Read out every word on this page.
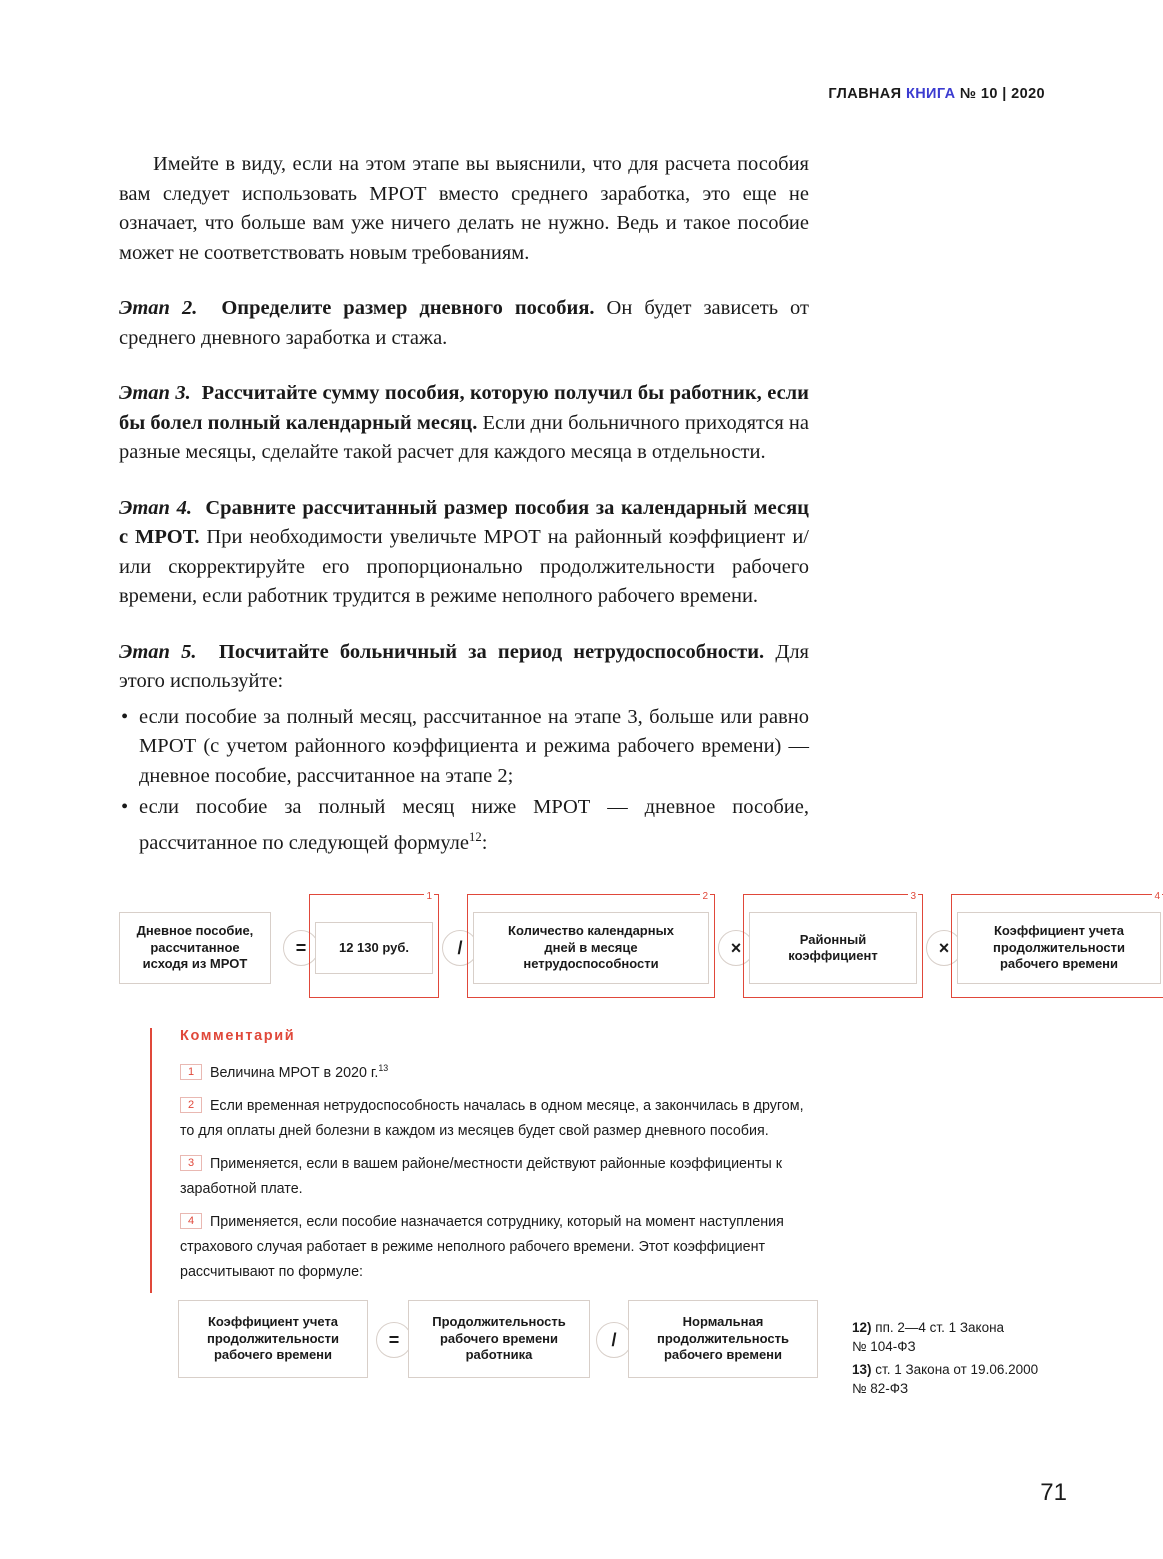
ГЛАВНАЯ КНИГА № 10 | 2020

Имейте в виду, если на этом этапе вы выяснили, что для расчета пособия вам следует использовать МРОТ вместо среднего заработка, это еще не означает, что больше вам уже ничего делать не нужно. Ведь и такое пособие может не соответствовать новым требованиям.

Этап 2. Определите размер дневного пособия. Он будет зависеть от среднего дневного заработка и стажа.

Этап 3. Рассчитайте сумму пособия, которую получил бы работник, если бы болел полный календарный месяц. Если дни больничного приходятся на разные месяцы, сделайте такой расчет для каждого месяца в отдельности.

Этап 4. Сравните рассчитанный размер пособия за календарный месяц с МРОТ. При необходимости увеличьте МРОТ на районный коэффициент и/или скорректируйте его пропорционально продолжительности рабочего времени, если работник трудится в режиме неполного рабочего времени.

Этап 5. Посчитайте больничный за период нетрудоспособности. Для этого используйте:

• если пособие за полный месяц, рассчитанное на этапе 3, больше или равно МРОТ (с учетом районного коэффициента и режима рабочего времени) — дневное пособие, рассчитанное на этапе 2;
• если пособие за полный месяц ниже МРОТ — дневное пособие, рассчитанное по следующей формуле$^{12}$:
Дневное пособие,
рассчитанное
исходя из МРОТ
=
1
12 130 руб.	/
2
Количество календарных
дней в месяце
нетрудоспособности
×
3
Районный
коэффициент	×
4
Коэффициент учета
продолжительности
рабочего времени
Комментарий

1 Величина МРОТ в 2020 г.$^{13}$

2 Если временная нетрудоспособность началась в одном месяце, а закончилась в другом, то для оплаты дней болезни в каждом из месяцев будет свой размер дневного пособия.

3 Применяется, если в вашем районе/местности действуют районные коэффициенты к заработной плате.

4 Применяется, если пособие назначается сотруднику, который на момент наступления страхового случая работает в режиме неполного рабочего времени. Этот коэффициент рассчитывают по формуле:

Коэффициент учета
продолжительности
рабочего времени
=
Продолжительность
рабочего времени
работника
/
Нормальная
продолжительность
рабочего времени

12) пп. 2—4 ст. 1 Закона
№ 104-ФЗ

13) ст. 1 Закона от 19.06.2000
№ 82-ФЗ

71
